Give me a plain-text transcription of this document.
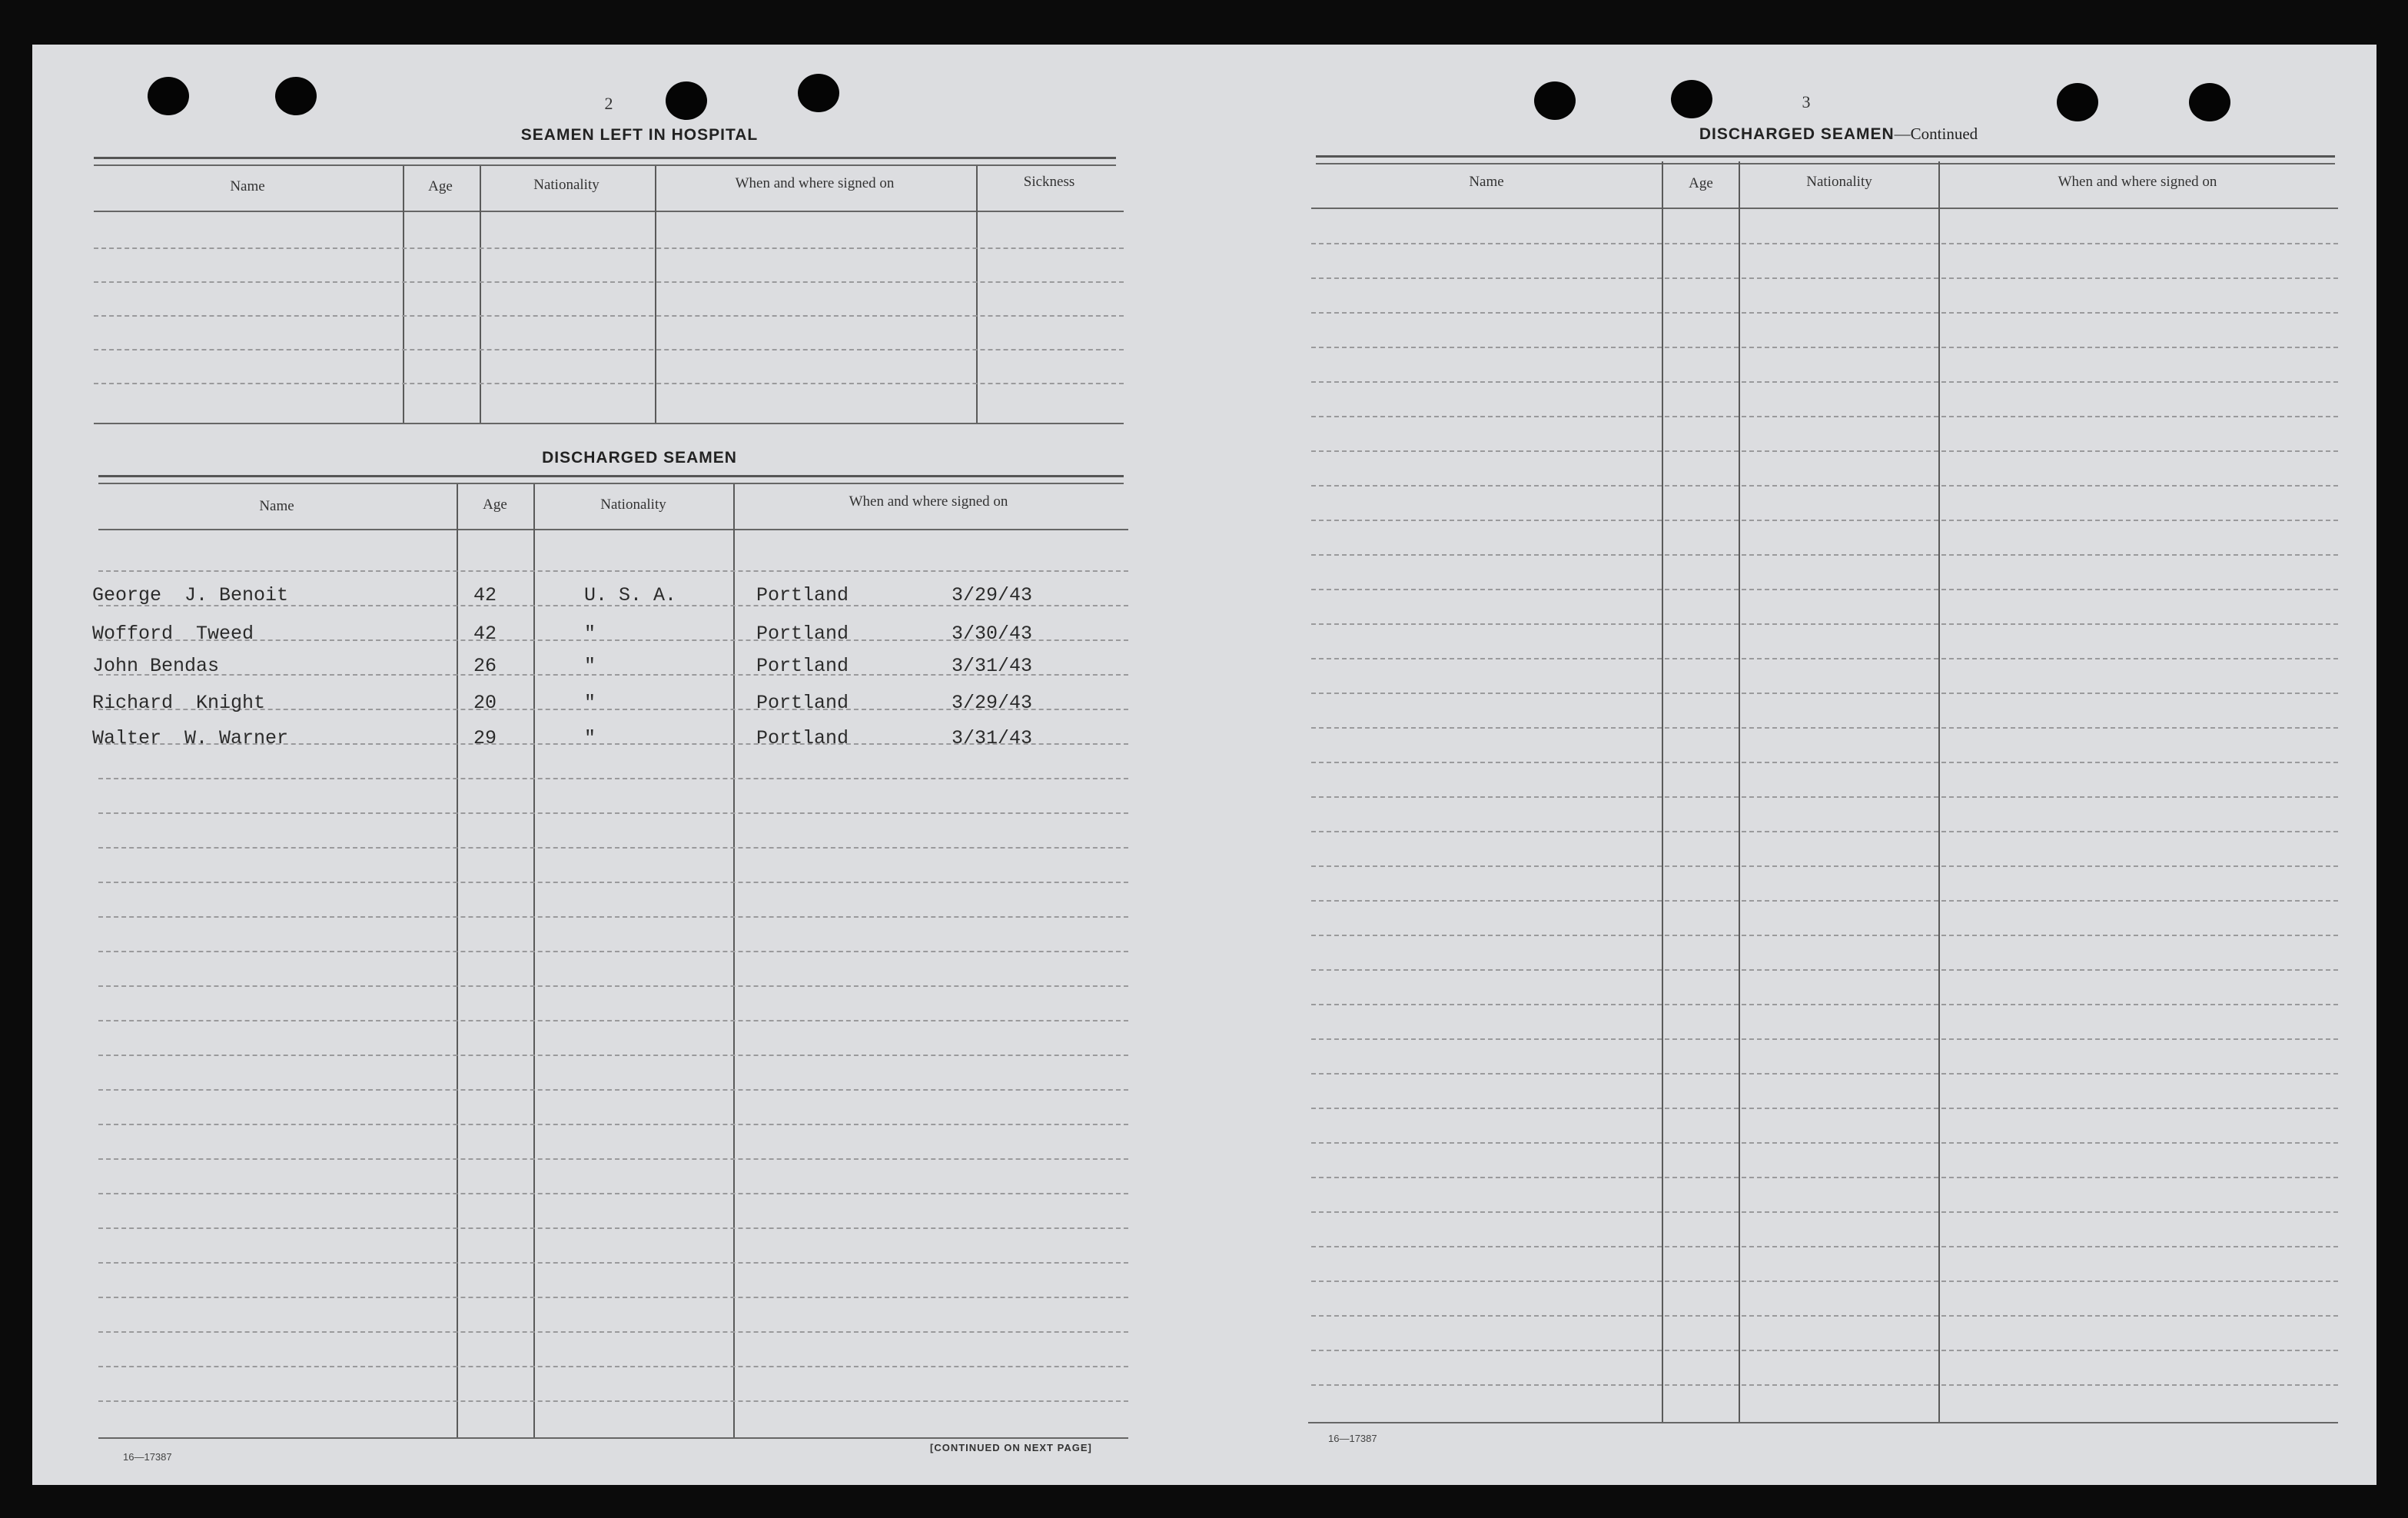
2
SEAMEN LEFT IN HOSPITAL
Name	Age	Nationality	When and where signed on	Sickness
DISCHARGED SEAMEN
Name	Age	Nationality	When and where signed on
George  J. Benoit	42	U. S. A.	Portland	3/29/43
Wofford  Tweed	42	"	Portland	3/30/43
John Bendas	26	"	Portland	3/31/43
Richard  Knight	20	"	Portland	3/29/43
Walter  W. Warner	29	"	Portland	3/31/43
16—17387
[CONTINUED ON NEXT PAGE]
3
DISCHARGED SEAMEN—Continued
Name	Age	Nationality	When and where signed on
16—17387
